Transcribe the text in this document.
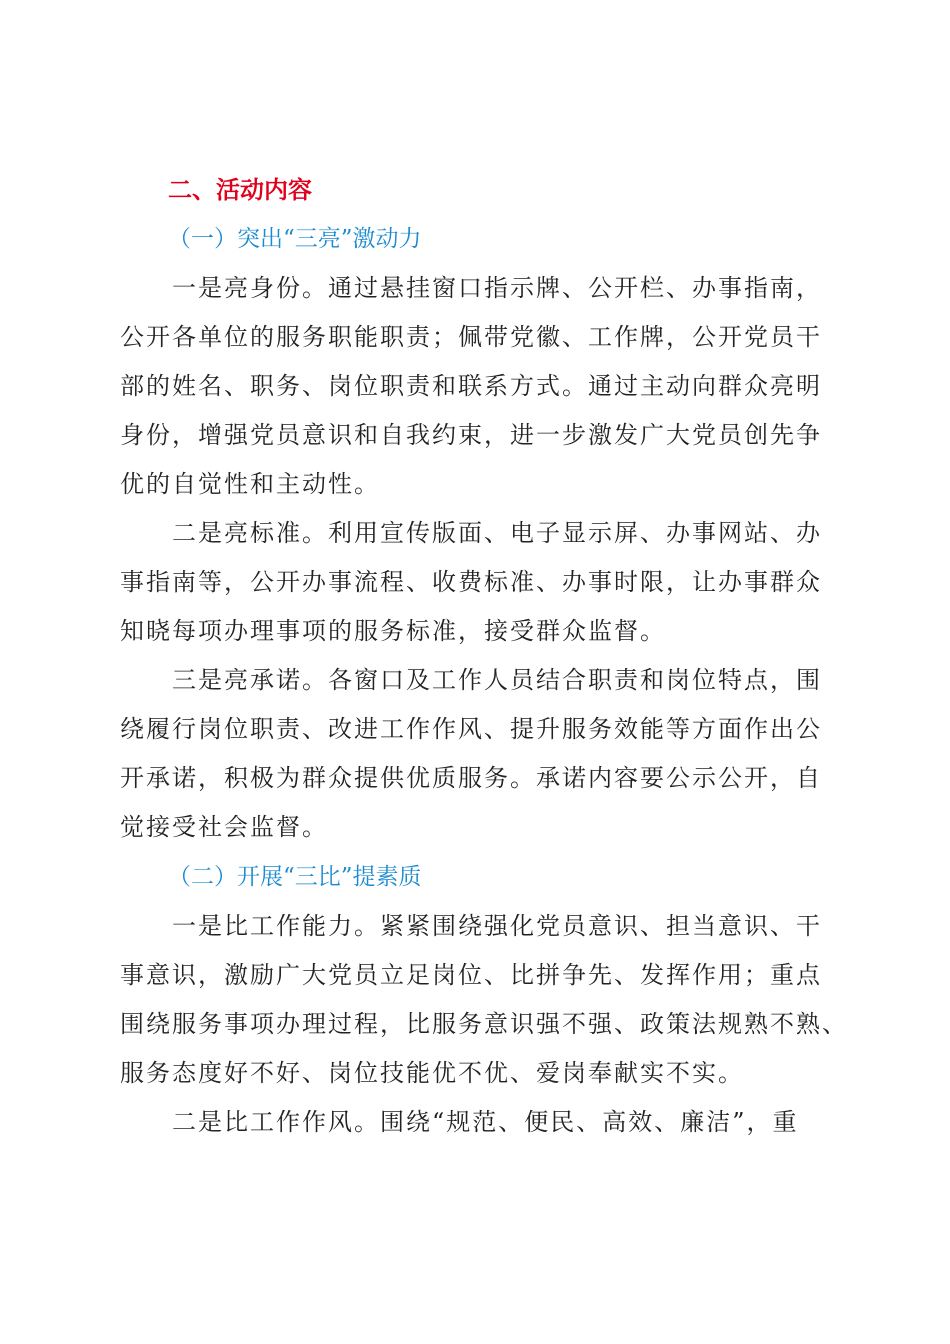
二、活动内容
（一）突出“三亮”激动力
一是亮身份。通过悬挂窗口指示牌、公开栏、办事指南，
公开各单位的服务职能职责；佩带党徽、工作牌，公开党员干
部的姓名、职务、岗位职责和联系方式。通过主动向群众亮明
身份，增强党员意识和自我约束，进一步激发广大党员创先争
优的自觉性和主动性。
二是亮标准。利用宣传版面、电子显示屏、办事网站、办
事指南等，公开办事流程、收费标准、办事时限，让办事群众
知晓每项办理事项的服务标准，接受群众监督。
三是亮承诺。各窗口及工作人员结合职责和岗位特点，围
绕履行岗位职责、改进工作作风、提升服务效能等方面作出公
开承诺，积极为群众提供优质服务。承诺内容要公示公开，自
觉接受社会监督。
（二）开展“三比”提素质
一是比工作能力。紧紧围绕强化党员意识、担当意识、干
事意识，激励广大党员立足岗位、比拼争先、发挥作用；重点
围绕服务事项办理过程，比服务意识强不强、政策法规熟不熟、
服务态度好不好、岗位技能优不优、爱岗奉献实不实。
二是比工作作风。围绕“规范、便民、高效、廉洁”，重
